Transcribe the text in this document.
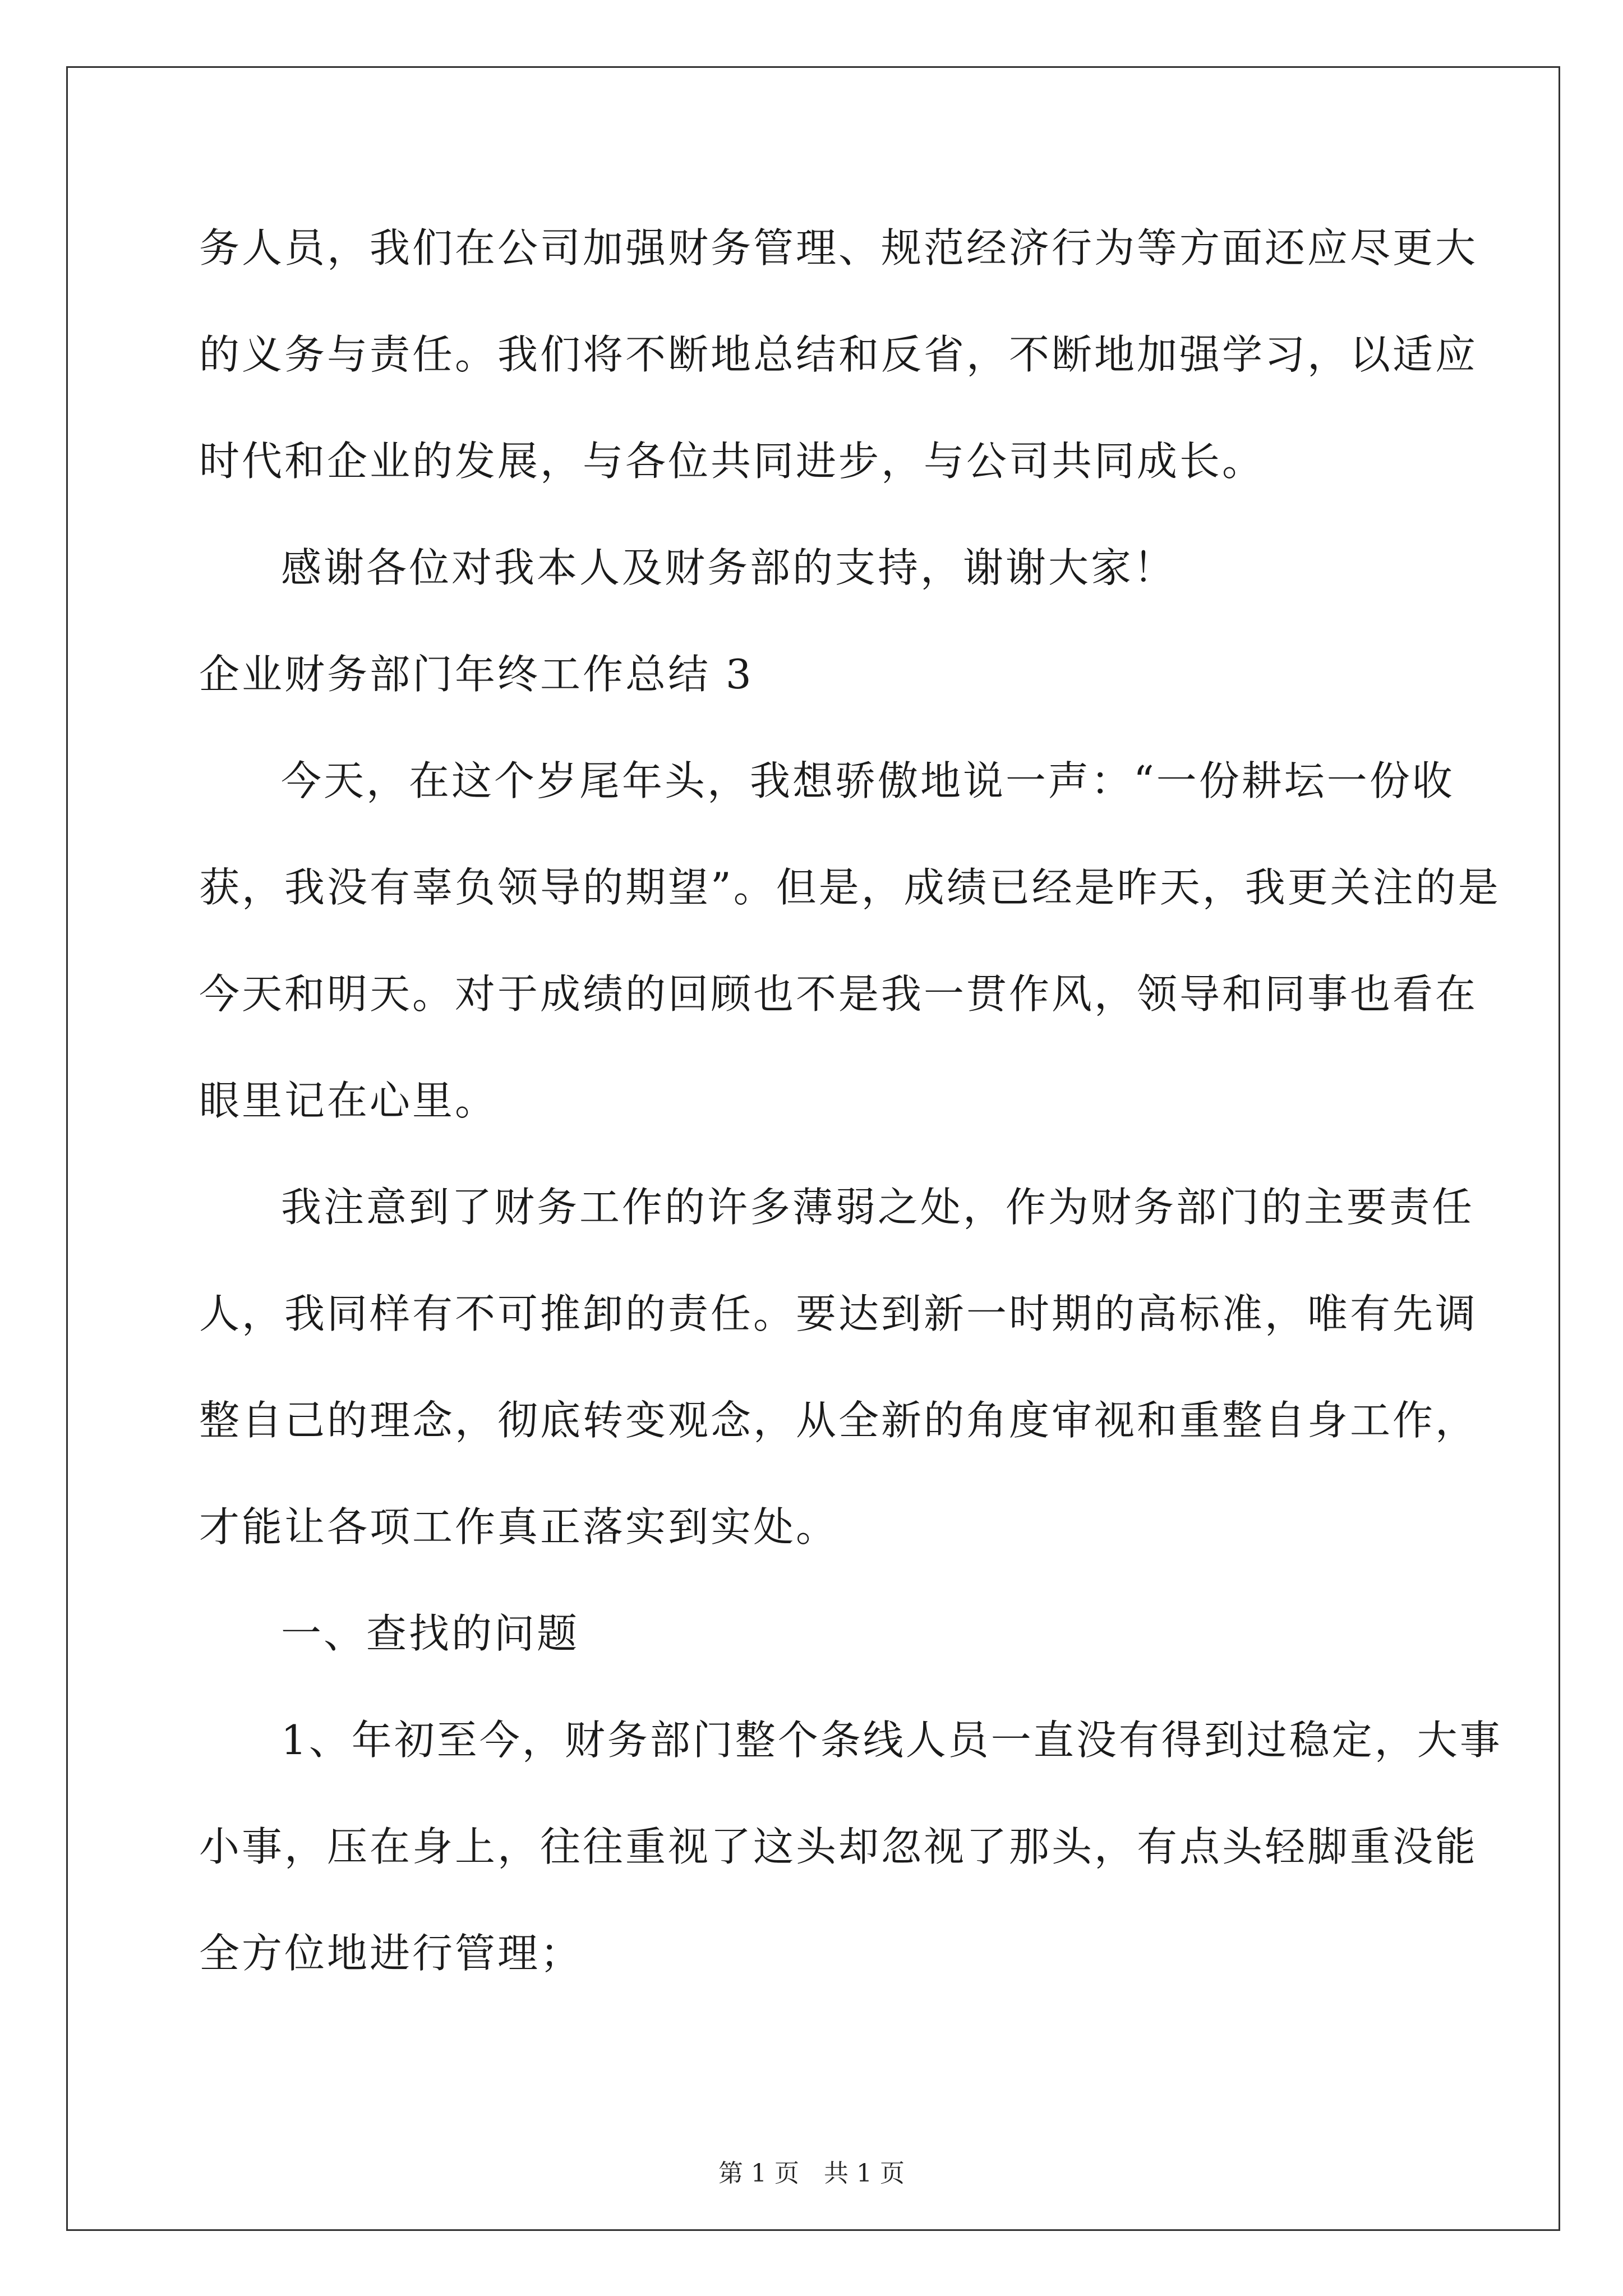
务人员，我们在公司加强财务管理、规范经济行为等方面还应尽更大
的义务与责任。我们将不断地总结和反省，不断地加强学习，以适应
时代和企业的发展，与各位共同进步，与公司共同成长。
感谢各位对我本人及财务部的支持，谢谢大家！
企业财务部门年终工作总结 3
今天，在这个岁尾年头，我想骄傲地说一声：“一份耕坛一份收
获，我没有辜负领导的期望”。但是，成绩已经是昨天，我更关注的是
今天和明天。对于成绩的回顾也不是我一贯作风，领导和同事也看在
眼里记在心里。
我注意到了财务工作的许多薄弱之处，作为财务部门的主要责任
人，我同样有不可推卸的责任。要达到新一时期的高标准，唯有先调
整自己的理念，彻底转变观念，从全新的角度审视和重整自身工作，
才能让各项工作真正落实到实处。
一、查找的问题
1、年初至今，财务部门整个条线人员一直没有得到过稳定，大事
小事，压在身上，往往重视了这头却忽视了那头，有点头轻脚重没能
全方位地进行管理；
第 1 页　共 1 页
